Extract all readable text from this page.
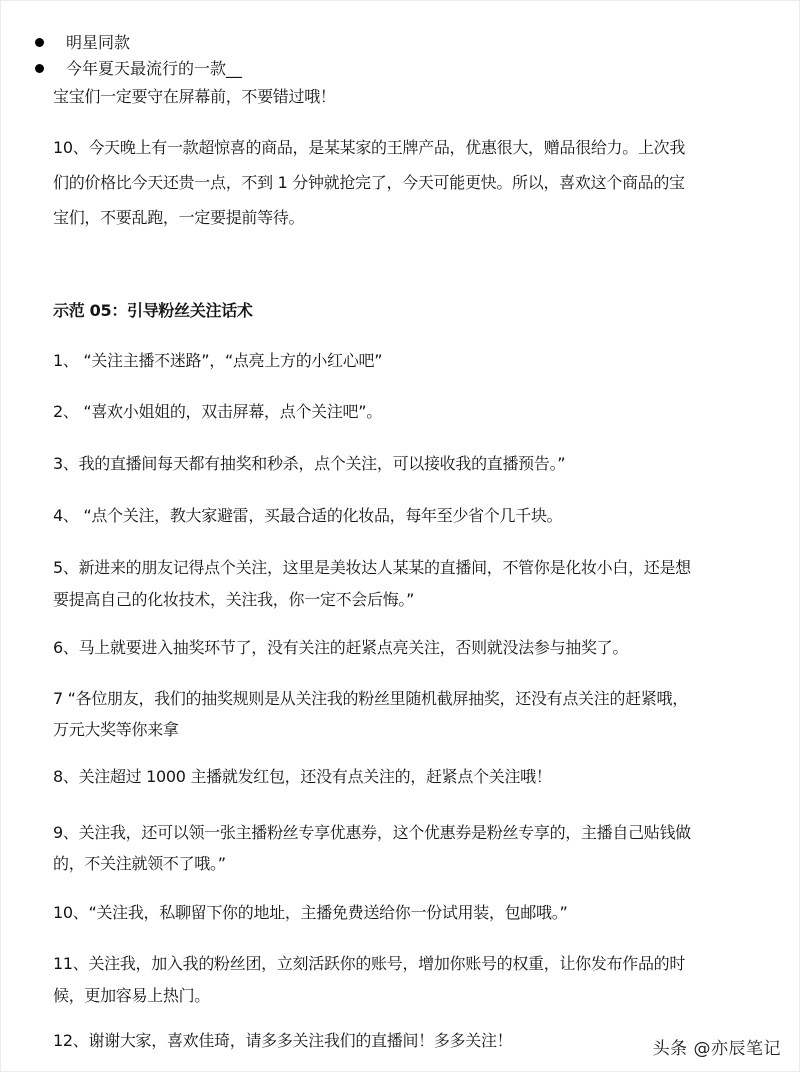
明星同款
今年夏天最流行的一款__
宝宝们一定要守在屏幕前，不要错过哦！
10、今天晚上有一款超惊喜的商品，是某某家的王牌产品，优惠很大，赠品很给力。上次我
们的价格比今天还贵一点，不到 1 分钟就抢完了，今天可能更快。所以，喜欢这个商品的宝
宝们，不要乱跑，一定要提前等待。
示范 05：引导粉丝关注话术
1、 “关注主播不迷路”，“点亮上方的小红心吧”
2、 “喜欢小姐姐的，双击屏幕，点个关注吧”。
3、我的直播间每天都有抽奖和秒杀，点个关注，可以接收我的直播预告。”
4、 “点个关注，教大家避雷，买最合适的化妆品，每年至少省个几千块。
5、新进来的朋友记得点个关注，这里是美妆达人某某的直播间，不管你是化妆小白，还是想
要提高自己的化妆技术，关注我，你一定不会后悔。”
6、马上就要进入抽奖环节了，没有关注的赶紧点亮关注，否则就没法参与抽奖了。
7 “各位朋友，我们的抽奖规则是从关注我的粉丝里随机截屏抽奖，还没有点关注的赶紧哦，
万元大奖等你来拿
8、关注超过 1000 主播就发红包，还没有点关注的，赶紧点个关注哦！
9、关注我，还可以领一张主播粉丝专享优惠券，这个优惠券是粉丝专享的，主播自己贴钱做
的，不关注就领不了哦。”
10、“关注我，私聊留下你的地址，主播免费送给你一份试用装，包邮哦。”
11、关注我，加入我的粉丝团，立刻活跃你的账号，增加你账号的权重，让你发布作品的时
候，更加容易上热门。
12、谢谢大家，喜欢佳琦，请多多关注我们的直播间！多多关注！	头条 @亦辰笔记
